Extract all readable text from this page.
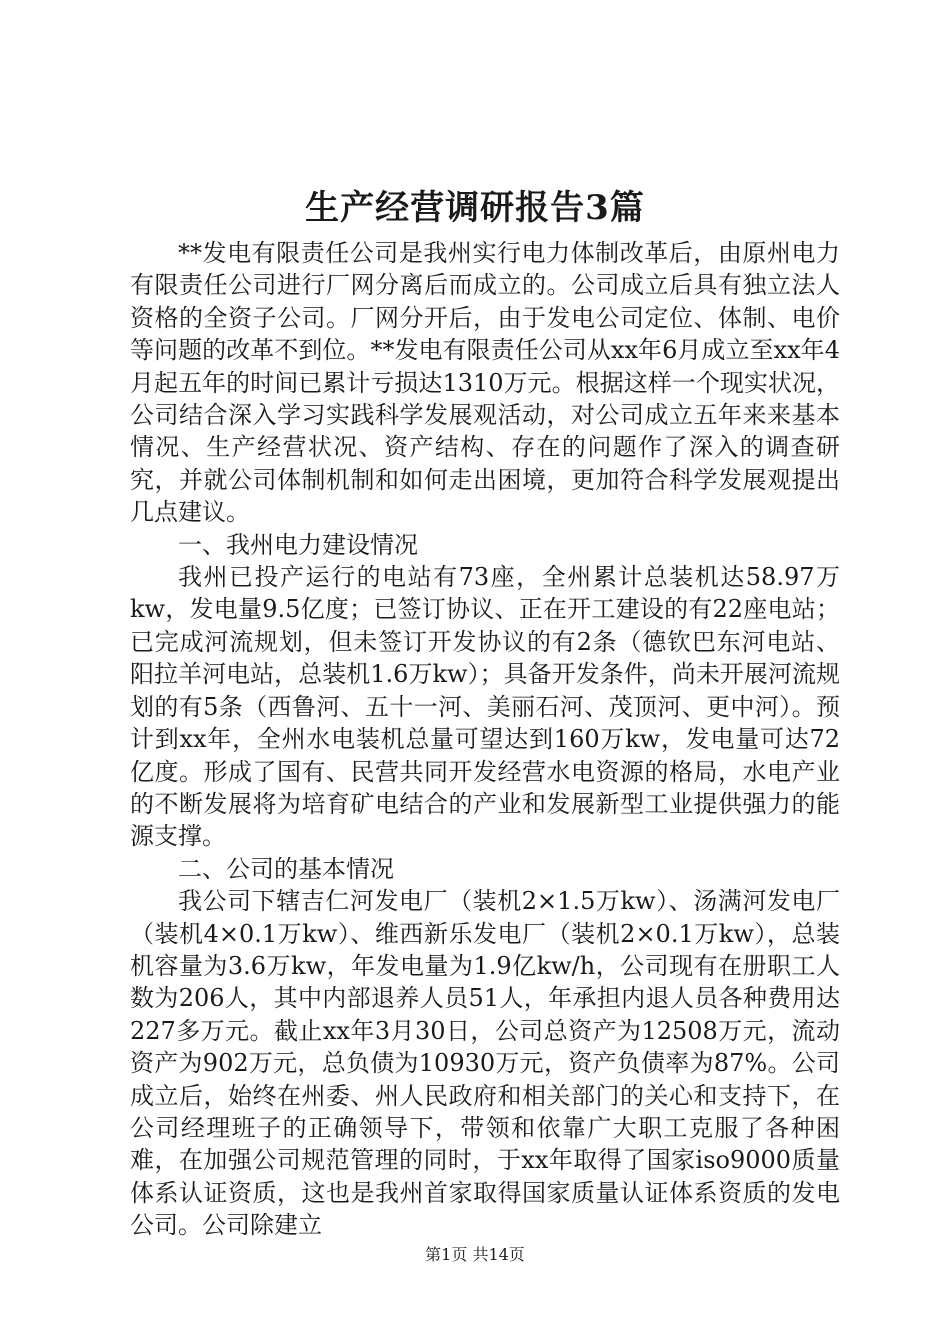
生产经营调研报告3篇

**发电有限责任公司是我州实行电力体制改革后，由原州电力有限责任公司进行厂网分离后而成立的。公司成立后具有独立法人资格的全资子公司。厂网分开后，由于发电公司定位、体制、电价等问题的改革不到位。**发电有限责任公司从xx年6月成立至xx年4月起五年的时间已累计亏损达1310万元。根据这样一个现实状况，公司结合深入学习实践科学发展观活动，对公司成立五年来来基本情况、生产经营状况、资产结构、存在的问题作了深入的调查研究，并就公司体制机制和如何走出困境，更加符合科学发展观提出几点建议。

一、我州电力建设情况

我州已投产运行的电站有73座，全州累计总装机达58.97万kw，发电量9.5亿度；已签订协议、正在开工建设的有22座电站；已完成河流规划，但未签订开发协议的有2条（德钦巴东河电站、阳拉羊河电站，总装机1.6万kw）；具备开发条件，尚未开展河流规划的有5条（西鲁河、五十一河、美丽石河、茂顶河、更中河）。预计到xx年，全州水电装机总量可望达到160万kw，发电量可达72亿度。形成了国有、民营共同开发经营水电资源的格局，水电产业的不断发展将为培育矿电结合的产业和发展新型工业提供强力的能源支撑。

二、公司的基本情况

我公司下辖吉仁河发电厂（装机2×1.5万kw）、汤满河发电厂（装机4×0.1万kw）、维西新乐发电厂（装机2×0.1万kw），总装机容量为3.6万kw，年发电量为1.9亿kw/h，公司现有在册职工人数为206人，其中内部退养人员51人，年承担内退人员各种费用达227多万元。截止xx年3月30日，公司总资产为12508万元，流动资产为902万元，总负债为10930万元，资产负债率为87%。公司成立后，始终在州委、州人民政府和相关部门的关心和支持下，在公司经理班子的正确领导下，带领和依靠广大职工克服了各种困难，在加强公司规范管理的同时，于xx年取得了国家iso9000质量体系认证资质，这也是我州首家取得国家质量认证体系资质的发电公司。公司除建立

第1页 共14页
